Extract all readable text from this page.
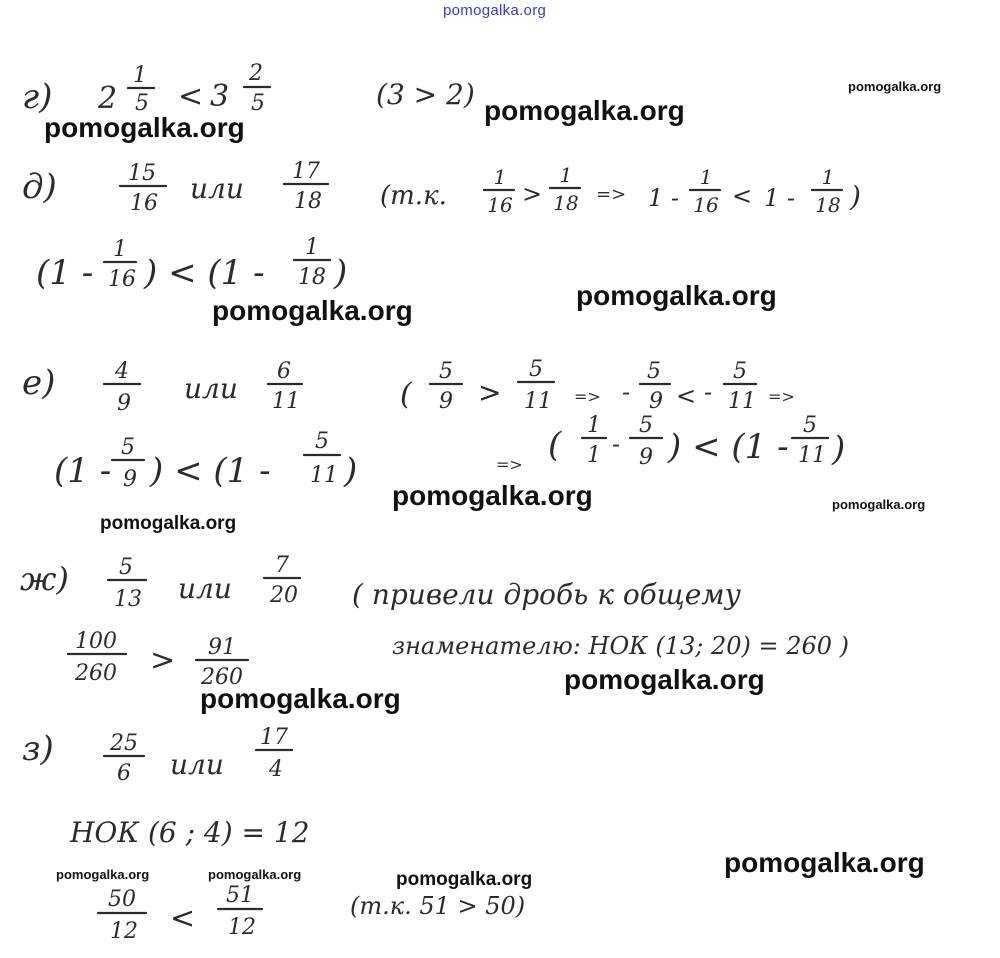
г) 2
1
5 < 3
2
5	(3 > 2)
д)	15
16 или
17
18 (т.к.
1
16 >
1
18 => 1 -
1
16 < 1 -
1
18 )
(1 -
1
16 ) < (1 -
1
18 )
е)	4
9 или
6
11	(
5
9 >
5
11 => -
5
9 < -
5
11 =>
(1 -
5
9 ) < (1 -
5
11 )	=> ( 1
1 -
5
9 ) < (1 -
5
11 )
ж) 5
13 или
7
20 ( привели дробь к общему
знаменателю: НОК (13; 20) = 260 )
100
260 > 91
260
з)	25
6 или
17
4
НОК (6 ; 4) = 12
50
12 <
51
12
(т.к. 51 > 50)
pomogalka.org
pomogalka.org
pomogalka.org
pomogalka.org
pomogalka.org	pomogalka.org
pomogalka.org
pomogalka.org
pomogalka.org
pomogalka.org
pomogalka.org
pomogalka.org
pomogalka.org	pomogalka.org	pomogalka.org
